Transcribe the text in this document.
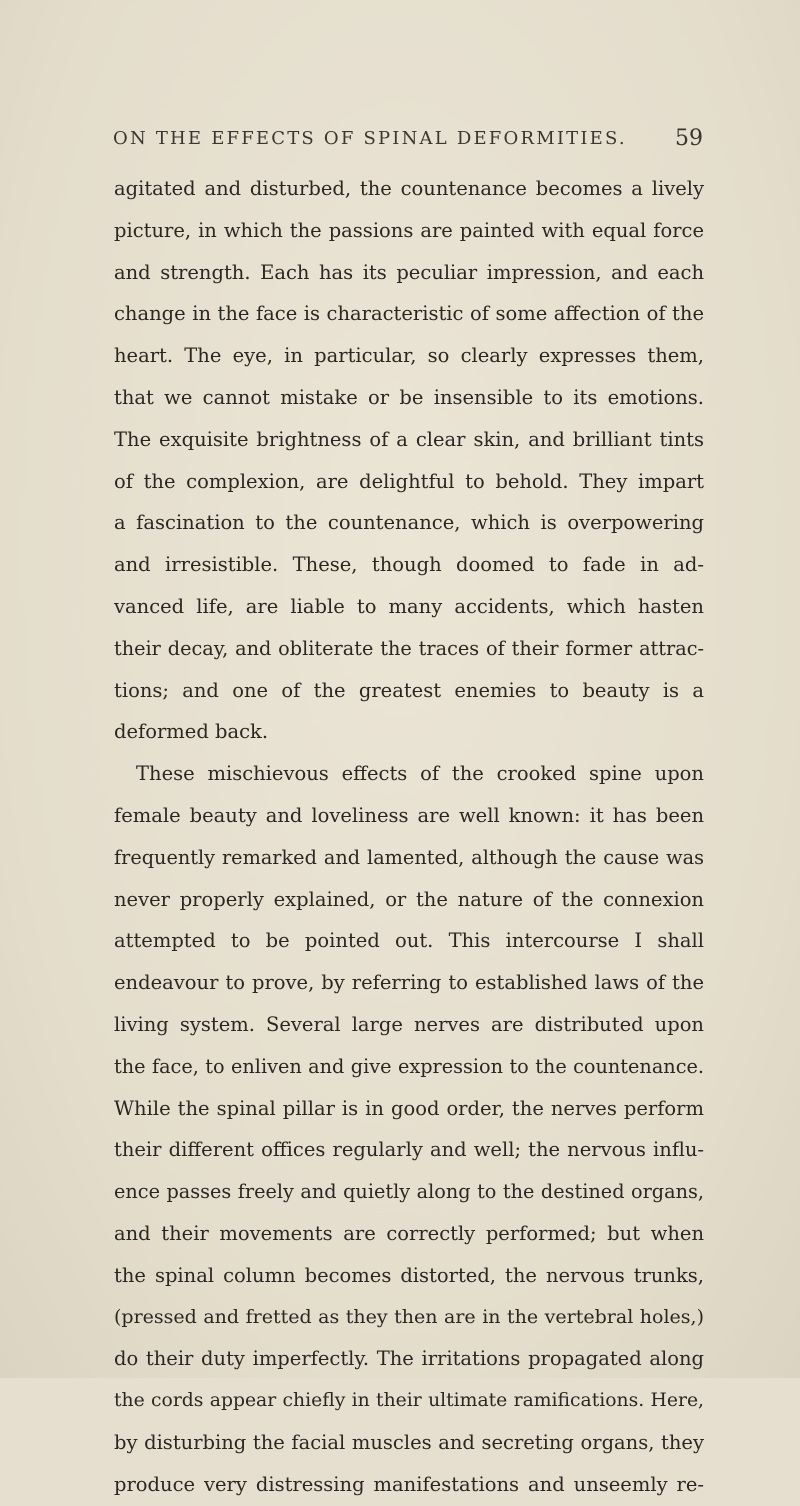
ON THE EFFECTS OF SPINAL DEFORMITIES. 59
agitated and disturbed, the countenance becomes a lively
picture, in which the passions are painted with equal force
and strength. Each has its peculiar impression, and each
change in the face is characteristic of some affection of the
heart. The eye, in particular, so clearly expresses them,
that we cannot mistake or be insensible to its emotions.
The exquisite brightness of a clear skin, and brilliant tints
of the complexion, are delightful to behold. They impart
a fascination to the countenance, which is overpowering
and irresistible. These, though doomed to fade in ad-
vanced life, are liable to many accidents, which hasten
their decay, and obliterate the traces of their former attrac-
tions; and one of the greatest enemies to beauty is a
deformed back.
These mischievous effects of the crooked spine upon
female beauty and loveliness are well known: it has been
frequently remarked and lamented, although the cause was
never properly explained, or the nature of the connexion
attempted to be pointed out. This intercourse I shall
endeavour to prove, by referring to established laws of the
living system. Several large nerves are distributed upon
the face, to enliven and give expression to the countenance.
While the spinal pillar is in good order, the nerves perform
their different offices regularly and well; the nervous influ-
ence passes freely and quietly along to the destined organs,
and their movements are correctly performed; but when
the spinal column becomes distorted, the nervous trunks,
(pressed and fretted as they then are in the vertebral holes,)
do their duty imperfectly. The irritations propagated along
the cords appear chiefly in their ultimate ramifications. Here,
by disturbing the facial muscles and secreting organs, they
produce very distressing manifestations and unseemly re-
